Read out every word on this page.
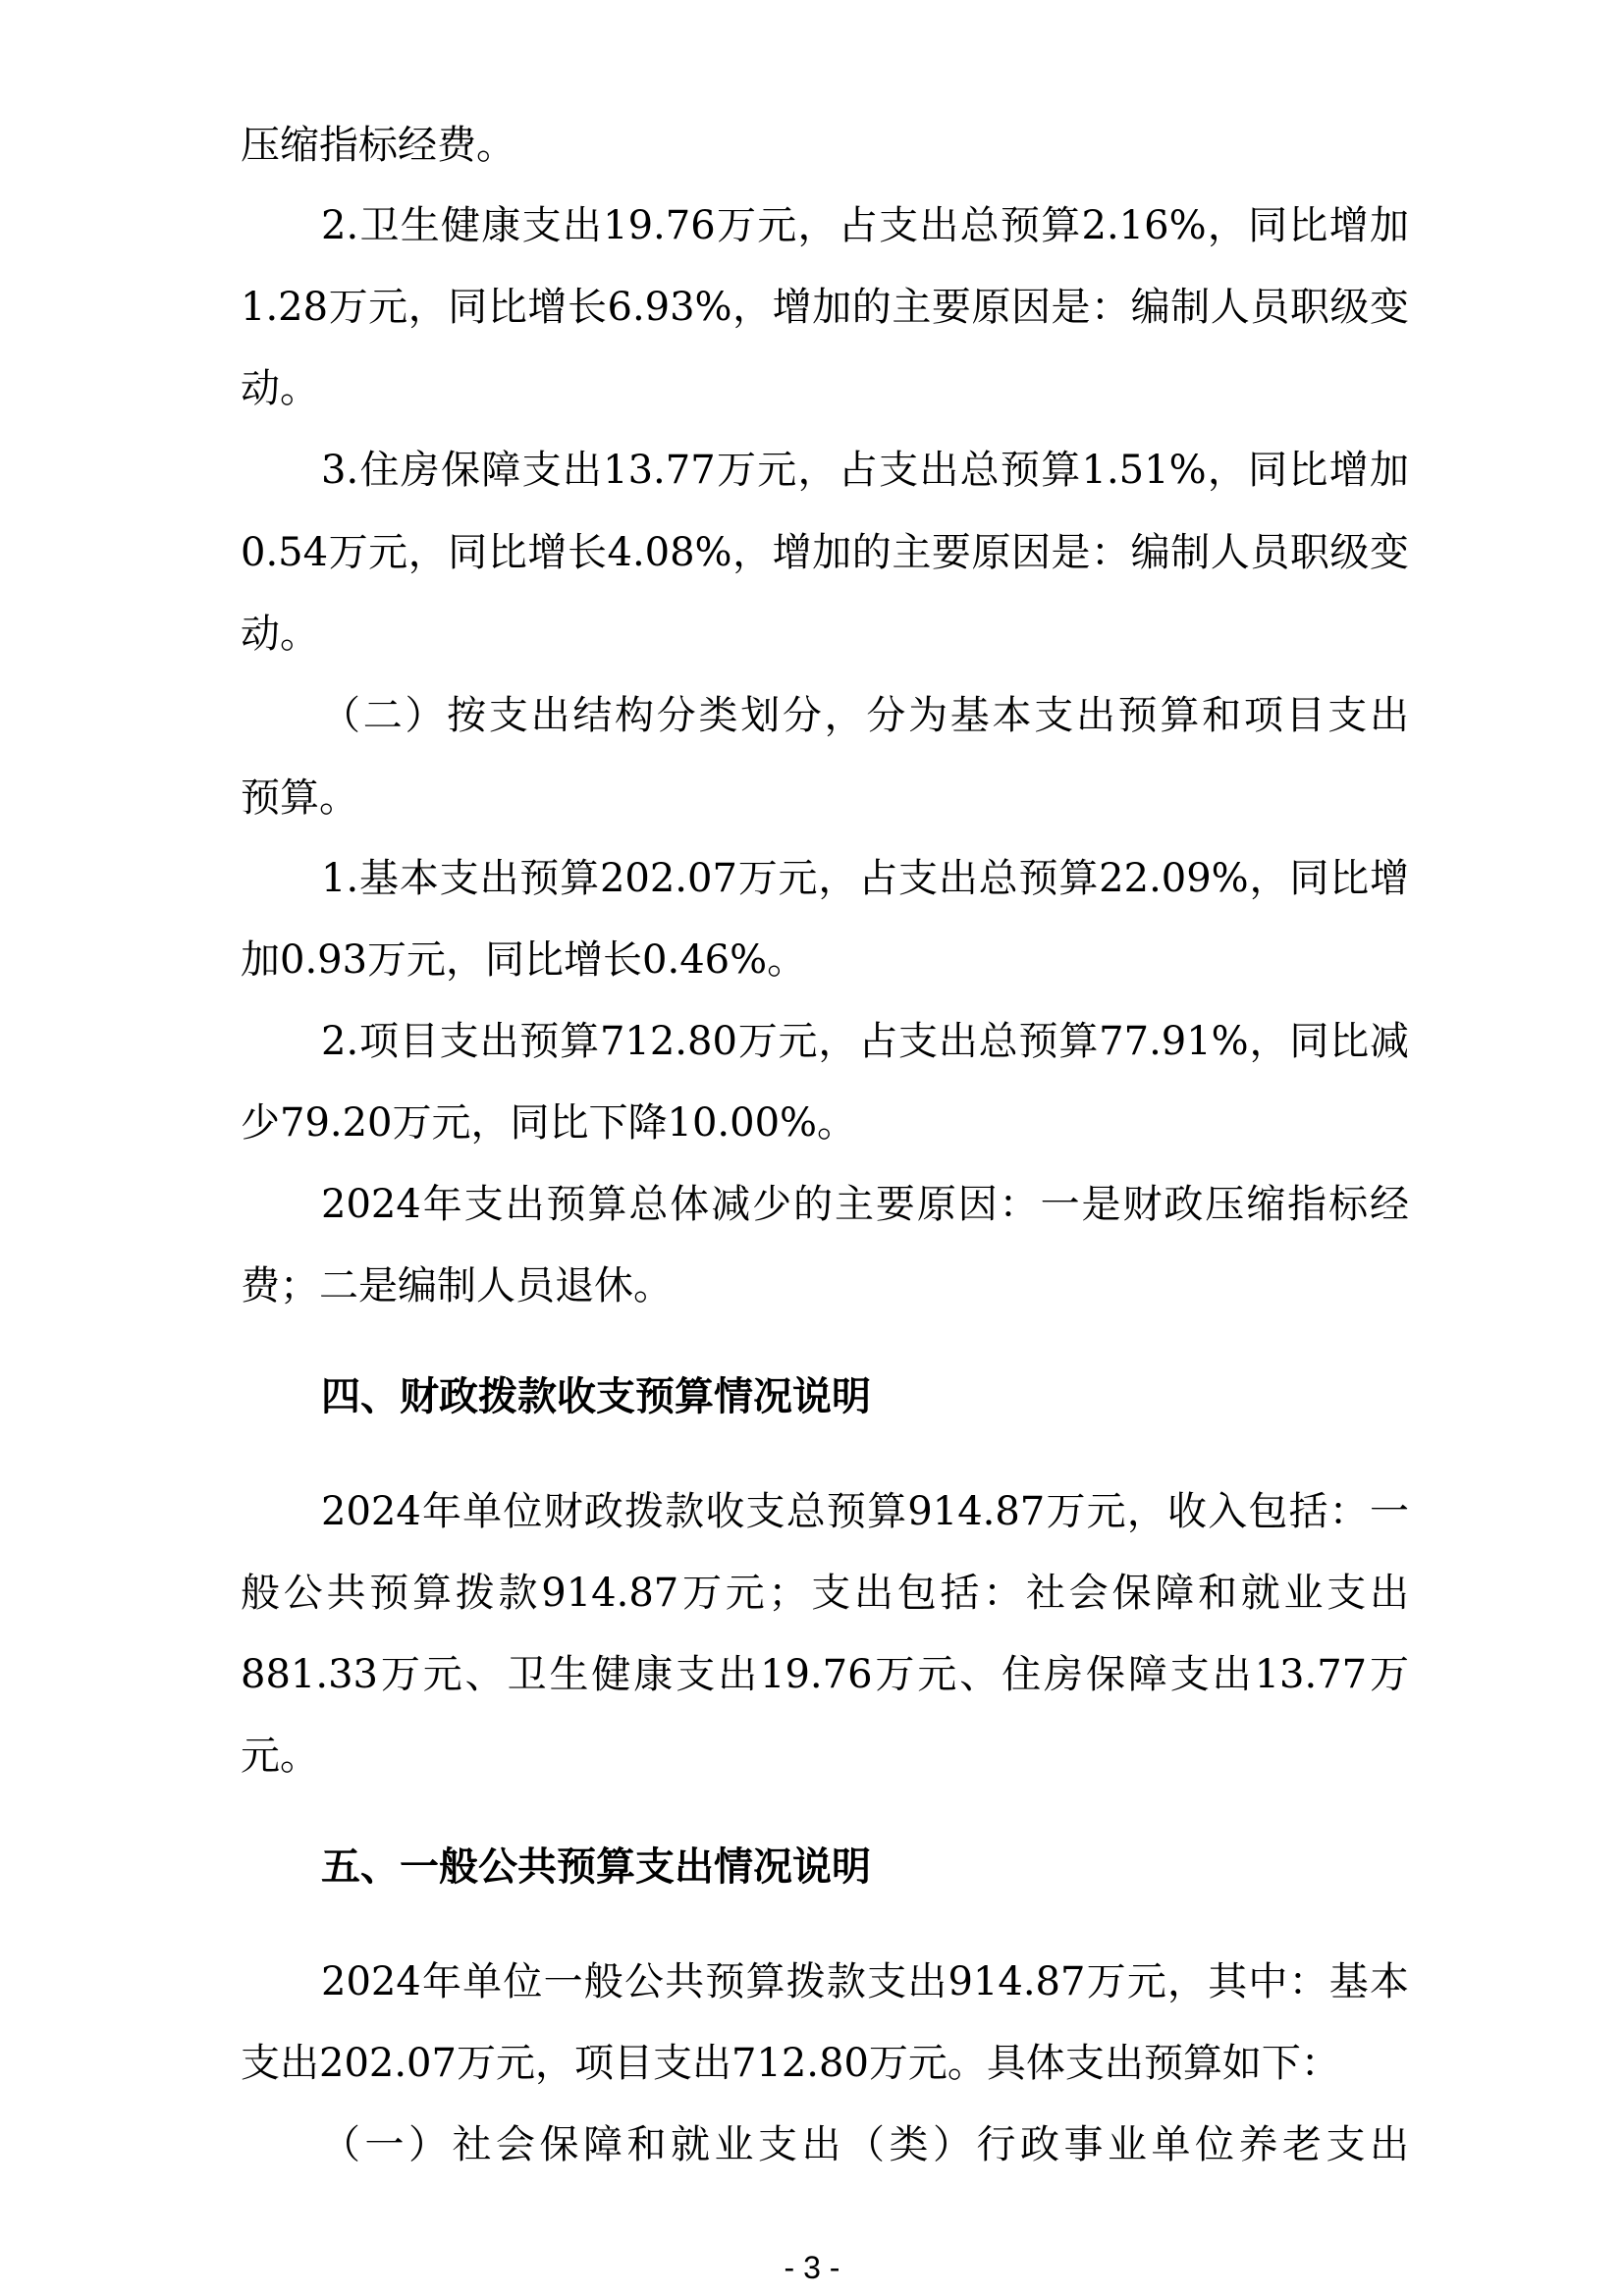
压缩指标经费。
2.卫生健康支出19.76万元，占支出总预算2.16%，同比增加
1.28万元，同比增长6.93%，增加的主要原因是：编制人员职级变
动。
3.住房保障支出13.77万元，占支出总预算1.51%，同比增加
0.54万元，同比增长4.08%，增加的主要原因是：编制人员职级变
动。
（二）按支出结构分类划分，分为基本支出预算和项目支出
预算。
1.基本支出预算202.07万元，占支出总预算22.09%，同比增
加0.93万元，同比增长0.46%。
2.项目支出预算712.80万元，占支出总预算77.91%，同比减
少79.20万元，同比下降10.00%。
2024年支出预算总体减少的主要原因：一是财政压缩指标经
费；二是编制人员退休。
四、财政拨款收支预算情况说明
2024年单位财政拨款收支总预算914.87万元，收入包括：一
般公共预算拨款914.87万元；支出包括：社会保障和就业支出
881.33万元、卫生健康支出19.76万元、住房保障支出13.77万
元。
五、一般公共预算支出情况说明
2024年单位一般公共预算拨款支出914.87万元，其中：基本
支出202.07万元，项目支出712.80万元。具体支出预算如下：
（一）社会保障和就业支出（类）行政事业单位养老支出
- 3 -
